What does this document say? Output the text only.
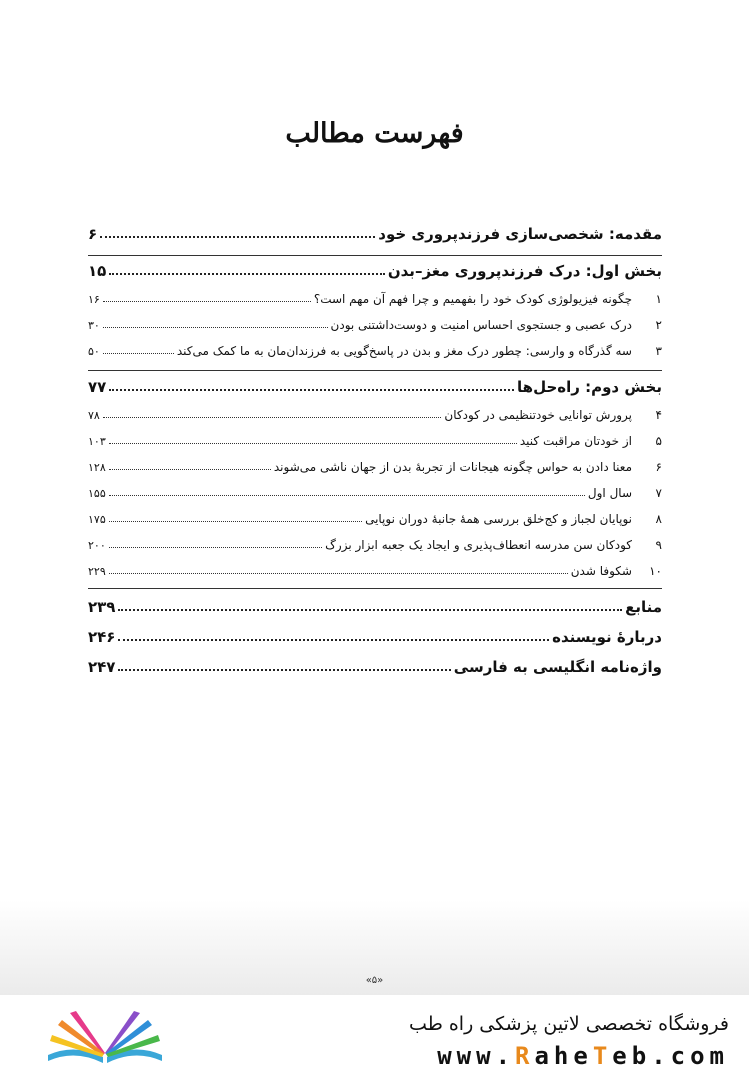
فهرست مطالب
مقدمه: شخصی‌سازی فرزندپروری خود
۶
بخش اول: درک فرزندپروری مغز–بدن
۱۵
۱
چگونه فیزیولوژی کودک خود را بفهمیم و چرا فهم آن مهم است؟
۱۶
۲
درک عصبی و جستجوی احساس امنیت و دوست‌داشتنی بودن
۳۰
۳
سه گذرگاه و وارسی: چطور درک مغز و بدن در پاسخ‌گویی به فرزندان‌مان به ما کمک می‌کند
۵۰
بخش دوم: راه‌حل‌ها
۷۷
۴
پرورش توانایی خودتنظیمی در کودکان
۷۸
۵
از خودتان مراقبت کنید
۱۰۳
۶
معنا دادن به حواس چگونه هیجانات از تجربهٔ بدن از جهان ناشی می‌شوند
۱۲۸
۷
سال اول
۱۵۵
۸
نوپایان لجباز و کج‌خلق بررسی همهٔ جانبهٔ دوران نوپایی
۱۷۵
۹
کودکان سن مدرسه انعطاف‌پذیری و ایجاد یک جعبه ابزار بزرگ
۲۰۰
۱۰
شکوفا شدن
۲۲۹
منابع
۲۳۹
دربارهٔ نویسنده
۲۴۶
واژه‌نامه انگلیسی به فارسی
۲۴۷
«۵»
فروشگاه تخصصی لاتین پزشکی راه طب
www.RaheTeb.com
